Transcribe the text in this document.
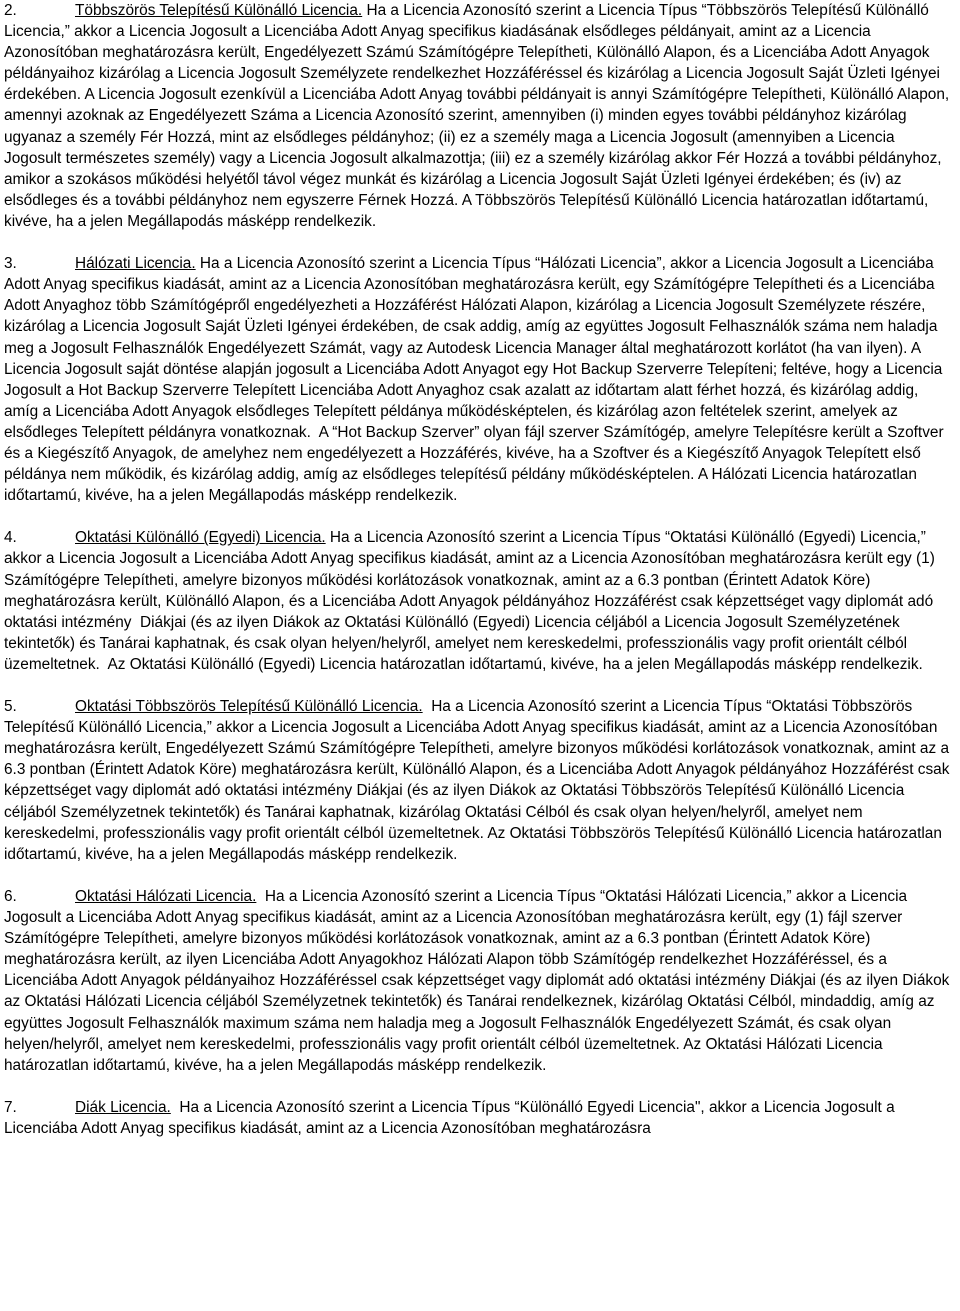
2.	Többszörös Telepítésű Különálló Licencia. Ha a Licencia Azonosító szerint a Licencia Típus “Többszörös Telepítésű Különálló Licencia,” akkor a Licencia Jogosult a Licenciába Adott Anyag specifikus kiadásának elsődleges példányait, amint az a Licencia Azonosítóban meghatározásra került, Engedélyezett Számú Számítógépre Telepítheti, Különálló Alapon, és a Licenciába Adott Anyagok példányaihoz kizárólag a Licencia Jogosult Személyzete rendelkezhet Hozzáféréssel és kizárólag a Licencia Jogosult Saját Üzleti Igényei érdekében. A Licencia Jogosult ezenkívül a Licenciába Adott Anyag további példányait is annyi Számítógépre Telepítheti, Különálló Alapon, amennyi azoknak az Engedélyezett Száma a Licencia Azonosító szerint, amennyiben (i) minden egyes további példányhoz kizárólag ugyanaz a személy Fér Hozzá, mint az elsődleges példányhoz; (ii) ez a személy maga a Licencia Jogosult (amennyiben a Licencia Jogosult természetes személy) vagy a Licencia Jogosult alkalmazottja; (iii) ez a személy kizárólag akkor Fér Hozzá a további példányhoz, amikor a szokásos működési helyétől távol végez munkát és kizárólag a Licencia Jogosult Saját Üzleti Igényei érdekében; és (iv) az elsődleges és a további példányhoz nem egyszerre Férnek Hozzá. A Többszörös Telepítésű Különálló Licencia határozatlan időtartamú, kivéve, ha a jelen Megállapodás másképp rendelkezik.

3.	Hálózati Licencia. Ha a Licencia Azonosító szerint a Licencia Típus “Hálózati Licencia”, akkor a Licencia Jogosult a Licenciába Adott Anyag specifikus kiadását, amint az a Licencia Azonosítóban meghatározásra került, egy Számítógépre Telepítheti és a Licenciába Adott Anyaghoz több Számítógépről engedélyezheti a Hozzáférést Hálózati Alapon, kizárólag a Licencia Jogosult Személyzete részére, kizárólag a Licencia Jogosult Saját Üzleti Igényei érdekében, de csak addig, amíg az együttes Jogosult Felhasználók száma nem haladja meg a Jogosult Felhasználók Engedélyezett Számát, vagy az Autodesk Licencia Manager által meghatározott korlátot (ha van ilyen). A Licencia Jogosult saját döntése alapján jogosult a Licenciába Adott Anyagot egy Hot Backup Szerverre Telepíteni; feltéve, hogy a Licencia Jogosult a Hot Backup Szerverre Telepített Licenciába Adott Anyaghoz csak azalatt az időtartam alatt férhet hozzá, és kizárólag addig, amíg a Licenciába Adott Anyagok elsődleges Telepített példánya működésképtelen, és kizárólag azon feltételek szerint, amelyek az elsődleges Telepített példányra vonatkoznak.  A “Hot Backup Szerver” olyan fájl szerver Számítógép, amelyre Telepítésre került a Szoftver és a Kiegészítő Anyagok, de amelyhez nem engedélyezett a Hozzáférés, kivéve, ha a Szoftver és a Kiegészítő Anyagok Telepített első példánya nem működik, és kizárólag addig, amíg az elsődleges telepítésű példány működésképtelen. A Hálózati Licencia határozatlan időtartamú, kivéve, ha a jelen Megállapodás másképp rendelkezik.

4.	Oktatási Különálló (Egyedi) Licencia. Ha a Licencia Azonosító szerint a Licencia Típus “Oktatási Különálló (Egyedi) Licencia,” akkor a Licencia Jogosult a Licenciába Adott Anyag specifikus kiadását, amint az a Licencia Azonosítóban meghatározásra került egy (1) Számítógépre Telepítheti, amelyre bizonyos működési korlátozások vonatkoznak, amint az a 6.3 pontban (Érintett Adatok Köre) meghatározásra került, Különálló Alapon, és a Licenciába Adott Anyagok példányához Hozzáférést csak képzettséget vagy diplomát adó oktatási intézmény  Diákjai (és az ilyen Diákok az Oktatási Különálló (Egyedi) Licencia céljából a Licencia Jogosult Személyzetének tekintetők) és Tanárai kaphatnak, és csak olyan helyen/helyről, amelyet nem kereskedelmi, professzionális vagy profit orientált célból üzemeltetnek.  Az Oktatási Különálló (Egyedi) Licencia határozatlan időtartamú, kivéve, ha a jelen Megállapodás másképp rendelkezik.

5.	Oktatási Többszörös Telepítésű Különálló Licencia.  Ha a Licencia Azonosító szerint a Licencia Típus “Oktatási Többszörös Telepítésű Különálló Licencia,” akkor a Licencia Jogosult a Licenciába Adott Anyag specifikus kiadását, amint az a Licencia Azonosítóban meghatározásra került, Engedélyezett Számú Számítógépre Telepítheti, amelyre bizonyos működési korlátozások vonatkoznak, amint az a 6.3 pontban (Érintett Adatok Köre) meghatározásra került, Különálló Alapon, és a Licenciába Adott Anyagok példányához Hozzáférést csak képzettséget vagy diplomát adó oktatási intézmény Diákjai (és az ilyen Diákok az Oktatási Többszörös Telepítésű Különálló Licencia céljából Személyzetnek tekintetők) és Tanárai kaphatnak, kizárólag Oktatási Célból és csak olyan helyen/helyről, amelyet nem kereskedelmi, professzionális vagy profit orientált célból üzemeltetnek. Az Oktatási Többszörös Telepítésű Különálló Licencia határozatlan időtartamú, kivéve, ha a jelen Megállapodás másképp rendelkezik.

6.	Oktatási Hálózati Licencia.  Ha a Licencia Azonosító szerint a Licencia Típus “Oktatási Hálózati Licencia,” akkor a Licencia Jogosult a Licenciába Adott Anyag specifikus kiadását, amint az a Licencia Azonosítóban meghatározásra került, egy (1) fájl szerver Számítógépre Telepítheti, amelyre bizonyos működési korlátozások vonatkoznak, amint az a 6.3 pontban (Érintett Adatok Köre) meghatározásra került, az ilyen Licenciába Adott Anyagokhoz Hálózati Alapon több Számítógép rendelkezhet Hozzáféréssel, és a Licenciába Adott Anyagok példányaihoz Hozzáféréssel csak képzettséget vagy diplomát adó oktatási intézmény Diákjai (és az ilyen Diákok az Oktatási Hálózati Licencia céljából Személyzetnek tekintetők) és Tanárai rendelkeznek, kizárólag Oktatási Célból, mindaddig, amíg az együttes Jogosult Felhasználók maximum száma nem haladja meg a Jogosult Felhasználók Engedélyezett Számát, és csak olyan helyen/helyről, amelyet nem kereskedelmi, professzionális vagy profit orientált célból üzemeltetnek. Az Oktatási Hálózati Licencia határozatlan időtartamú, kivéve, ha a jelen Megállapodás másképp rendelkezik.

7.	Diák Licencia.  Ha a Licencia Azonosító szerint a Licencia Típus “Különálló Egyedi Licencia", akkor a Licencia Jogosult a Licenciába Adott Anyag specifikus kiadását, amint az a Licencia Azonosítóban meghatározásra
